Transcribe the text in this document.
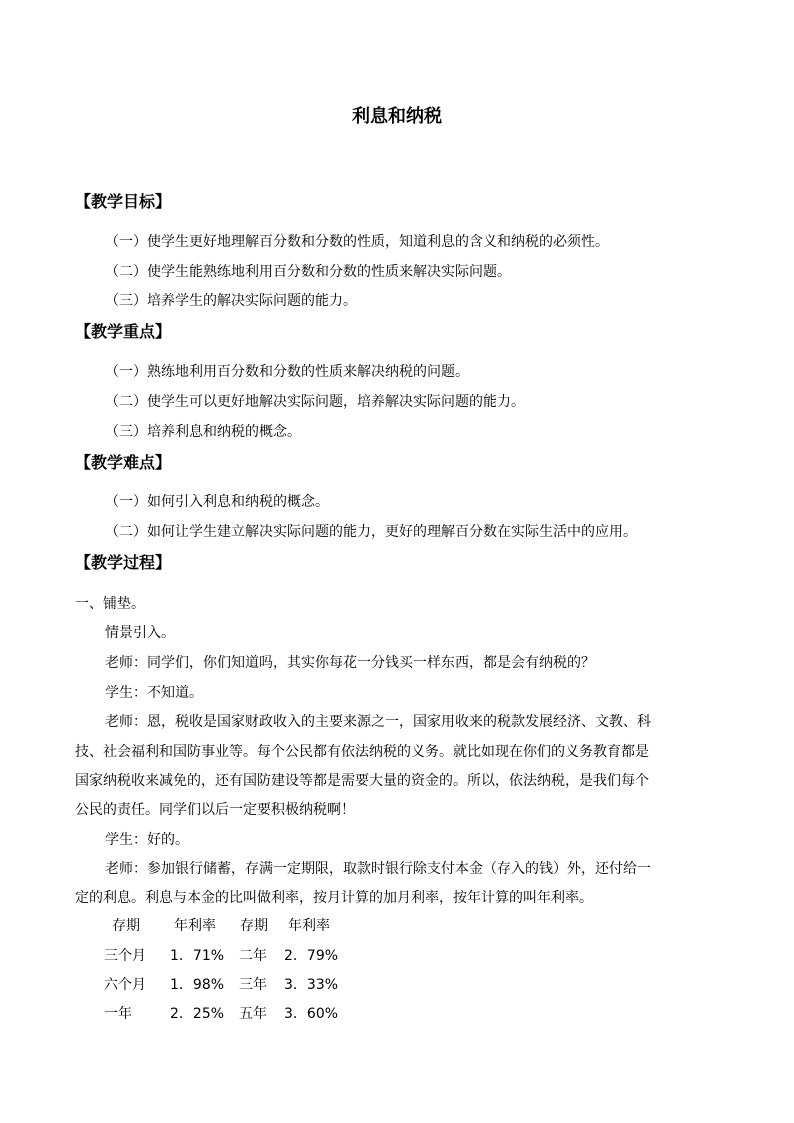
利息和纳税
【教学目标】
（一）使学生更好地理解百分数和分数的性质，知道利息的含义和纳税的必须性。
（二）使学生能熟练地利用百分数和分数的性质来解决实际问题。
（三）培养学生的解决实际问题的能力。
【教学重点】
（一）熟练地利用百分数和分数的性质来解决纳税的问题。
（二）使学生可以更好地解决实际问题，培养解决实际问题的能力。
（三）培养利息和纳税的概念。
【教学难点】
（一）如何引入利息和纳税的概念。
（二）如何让学生建立解决实际问题的能力，更好的理解百分数在实际生活中的应用。
【教学过程】
一、铺垫。
情景引入。
老师：同学们，你们知道吗，其实你每花一分钱买一样东西，都是会有纳税的？
学生：不知道。
老师：恩，税收是国家财政收入的主要来源之一，国家用收来的税款发展经济、文教、科
技、社会福利和国防事业等。每个公民都有依法纳税的义务。就比如现在你们的义务教育都是
国家纳税收来减免的，还有国防建设等都是需要大量的资金的。所以，依法纳税，是我们每个
公民的责任。同学们以后一定要积极纳税啊！
学生：好的。
老师：参加银行储蓄，存满一定期限，取款时银行除支付本金（存入的钱）外，还付给一
定的利息。利息与本金的比叫做利率，按月计算的加月利率，按年计算的叫年利率。
存期 年利率 存期 年利率
三个月 1．71% 二年 2．79%
六个月 1．98% 三年 3．33%
一年	2．25% 五年 3．60%
